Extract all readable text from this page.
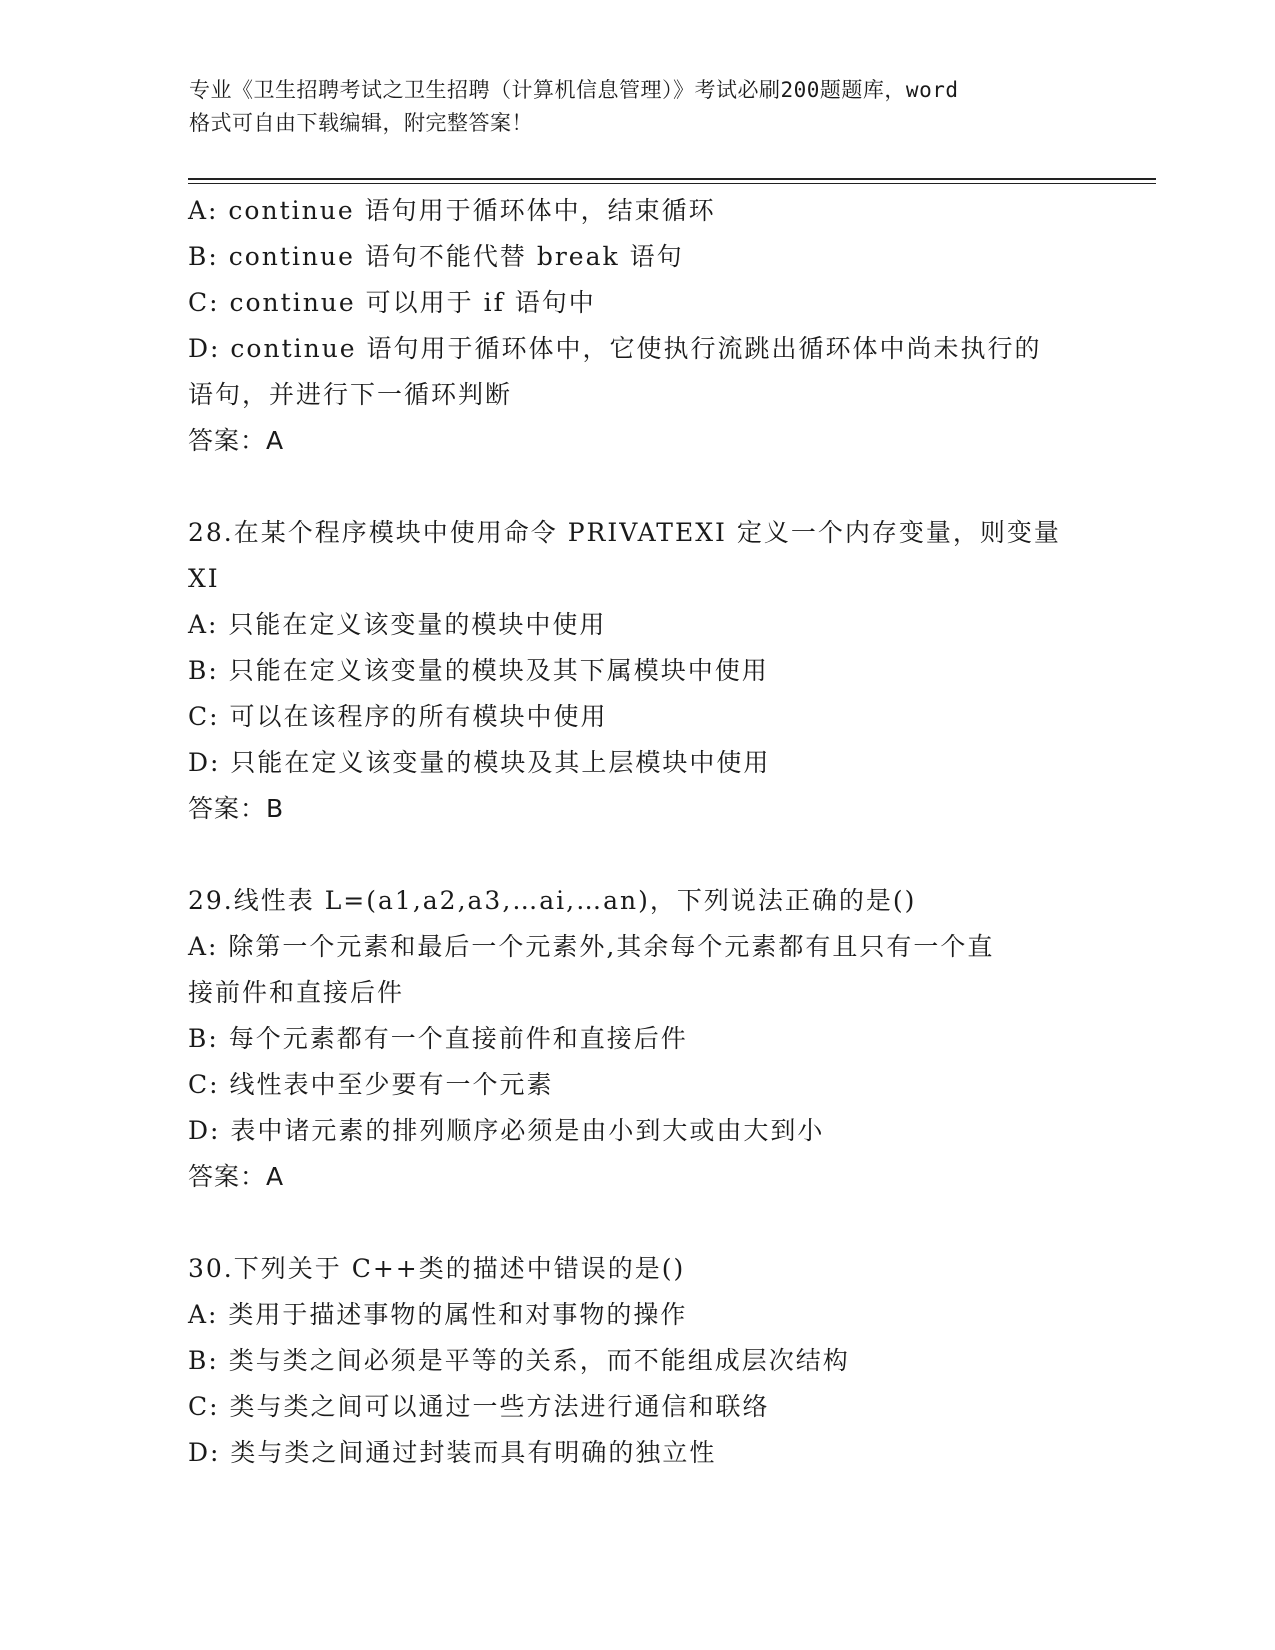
专业《卫生招聘考试之卫生招聘（计算机信息管理）》考试必刷200题题库，word
格式可自由下载编辑，附完整答案！
A: continue 语句用于循环体中，结束循环
B: continue 语句不能代替 break 语句
C: continue 可以用于 if 语句中
D: continue 语句用于循环体中，它使执行流跳出循环体中尚未执行的
语句，并进行下一循环判断
答案：A
28.在某个程序模块中使用命令 PRIVATEXI 定义一个内存变量，则变量
XI
A: 只能在定义该变量的模块中使用
B: 只能在定义该变量的模块及其下属模块中使用
C: 可以在该程序的所有模块中使用
D: 只能在定义该变量的模块及其上层模块中使用
答案：B
29.线性表 L=(a1,a2,a3,…ai,…an)，下列说法正确的是()
A: 除第一个元素和最后一个元素外,其余每个元素都有且只有一个直
接前件和直接后件
B: 每个元素都有一个直接前件和直接后件
C: 线性表中至少要有一个元素
D: 表中诸元素的排列顺序必须是由小到大或由大到小
答案：A
30.下列关于 C++类的描述中错误的是()
A: 类用于描述事物的属性和对事物的操作
B: 类与类之间必须是平等的关系，而不能组成层次结构
C: 类与类之间可以通过一些方法进行通信和联络
D: 类与类之间通过封装而具有明确的独立性
